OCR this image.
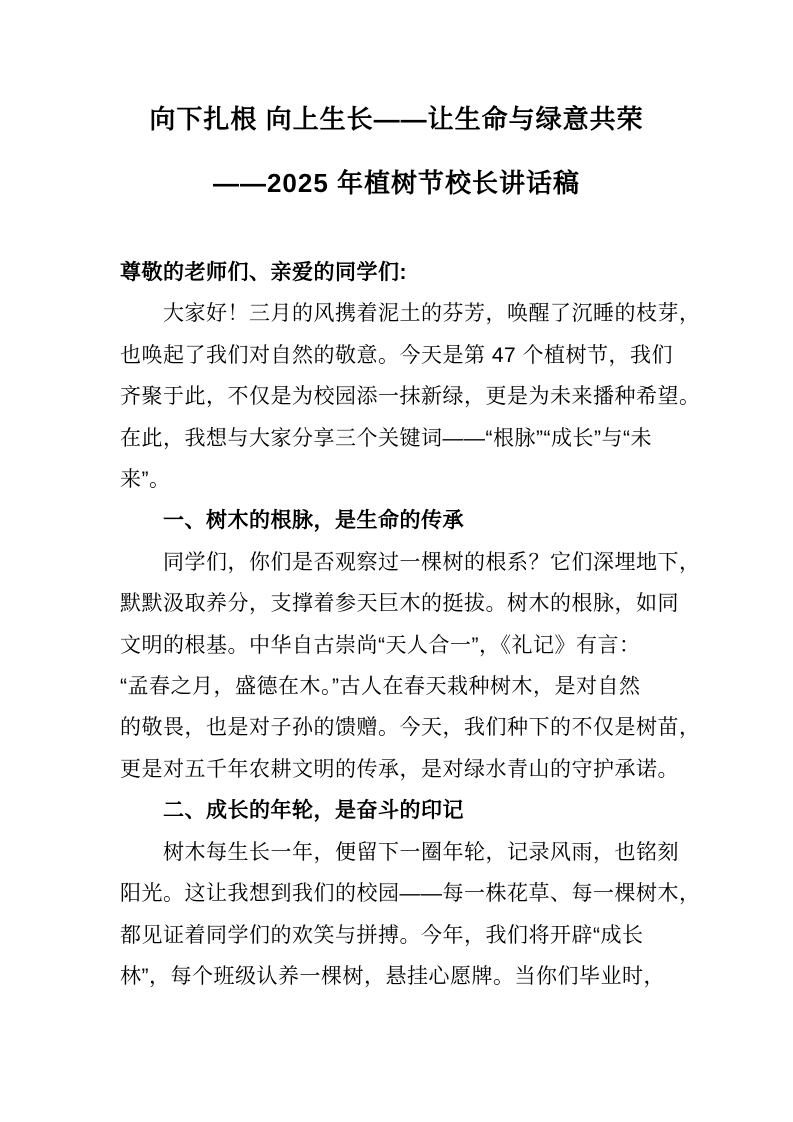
向下扎根 向上生长——让生命与绿意共荣
——2025 年植树节校长讲话稿
尊敬的老师们、亲爱的同学们:
大家好！三月的风携着泥土的芬芳，唤醒了沉睡的枝芽，
也唤起了我们对自然的敬意。今天是第 47 个植树节，我们
齐聚于此，不仅是为校园添一抹新绿，更是为未来播种希望。
在此，我想与大家分享三个关键词——“根脉”“成长”与“未
来”。
一、树木的根脉，是生命的传承
同学们，你们是否观察过一棵树的根系？它们深埋地下，
默默汲取养分，支撑着参天巨木的挺拔。树木的根脉，如同
文明的根基。中华自古崇尚“天人合一”，《礼记》有言：
“孟春之月，盛德在木。”古人在春天栽种树木，是对自然
的敬畏，也是对子孙的馈赠。今天，我们种下的不仅是树苗，
更是对五千年农耕文明的传承，是对绿水青山的守护承诺。
二、成长的年轮，是奋斗的印记
树木每生长一年，便留下一圈年轮，记录风雨，也铭刻
阳光。这让我想到我们的校园——每一株花草、每一棵树木，
都见证着同学们的欢笑与拼搏。今年，我们将开辟“成长
林”，每个班级认养一棵树，悬挂心愿牌。当你们毕业时，
